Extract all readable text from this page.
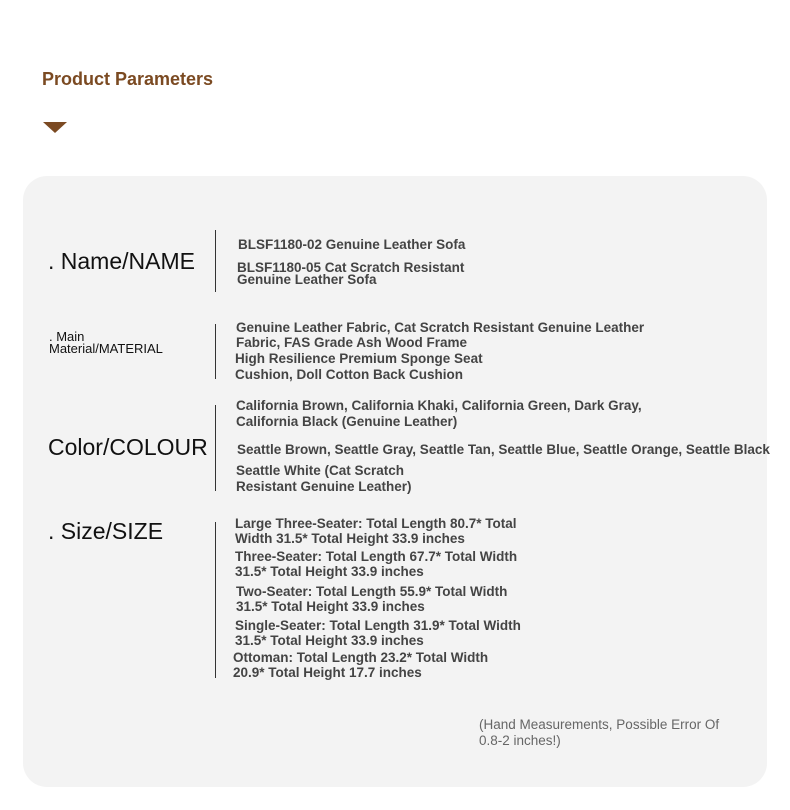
Product Parameters
. Name/NAME
BLSF1180-02 Genuine Leather Sofa
BLSF1180-05 Cat Scratch Resistant
Genuine Leather Sofa
. Main
Material/MATERIAL
Genuine Leather Fabric, Cat Scratch Resistant Genuine Leather
Fabric, FAS Grade Ash Wood Frame
High Resilience Premium Sponge Seat
Cushion, Doll Cotton Back Cushion
Color/COLOUR
California Brown, California Khaki, California Green, Dark Gray,
California Black (Genuine Leather)
Seattle Brown, Seattle Gray, Seattle Tan, Seattle Blue, Seattle Orange, Seattle Black
Seattle White (Cat Scratch
Resistant Genuine Leather)
. Size/SIZE	Large Three-Seater: Total Length 80.7* Total
Width 31.5* Total Height 33.9 inches
Three-Seater: Total Length 67.7* Total Width
31.5* Total Height 33.9 inches
Two-Seater: Total Length 55.9* Total Width
31.5* Total Height 33.9 inches
Single-Seater: Total Length 31.9* Total Width
31.5* Total Height 33.9 inches
Ottoman: Total Length 23.2* Total Width
20.9* Total Height 17.7 inches
(Hand Measurements, Possible Error Of
0.8-2 inches!)
